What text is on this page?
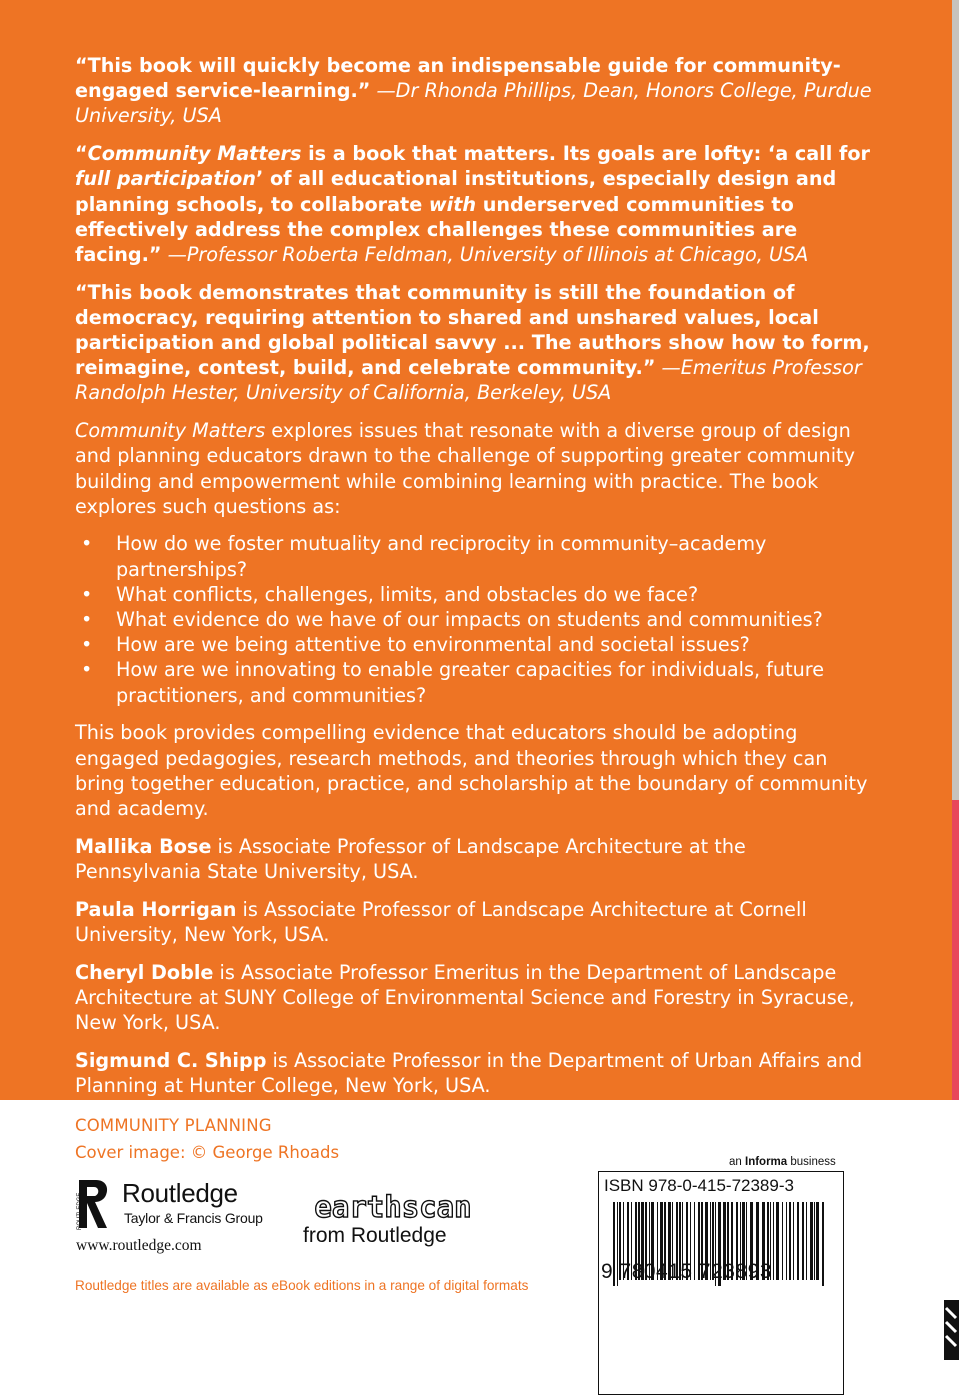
“This book will quickly become an indispensable guide for community-engaged service-learning.” —Dr Rhonda Phillips, Dean, Honors College, Purdue University, USA

“Community Matters is a book that matters. Its goals are lofty: ‘a call for full participation’ of all educational institutions, especially design and planning schools, to collaborate with underserved communities to effectively address the complex challenges these communities are facing.” —Professor Roberta Feldman, University of Illinois at Chicago, USA

“This book demonstrates that community is still the foundation of democracy, requiring attention to shared and unshared values, local participation and global political savvy ... The authors show how to form, reimagine, contest, build, and celebrate community.” —Emeritus Professor Randolph Hester, University of California, Berkeley, USA

Community Matters explores issues that resonate with a diverse group of design and planning educators drawn to the challenge of supporting greater community building and empowerment while combining learning with practice. The book explores such questions as:

• How do we foster mutuality and reciprocity in community–academy partnerships?
• What conflicts, challenges, limits, and obstacles do we face?
• What evidence do we have of our impacts on students and communities?
• How are we being attentive to environmental and societal issues?
• How are we innovating to enable greater capacities for individuals, future practitioners, and communities?

This book provides compelling evidence that educators should be adopting engaged pedagogies, research methods, and theories through which they can bring together education, practice, and scholarship at the boundary of community and academy.

Mallika Bose is Associate Professor of Landscape Architecture at the Pennsylvania State University, USA.

Paula Horrigan is Associate Professor of Landscape Architecture at Cornell University, New York, USA.

Cheryl Doble is Associate Professor Emeritus in the Department of Landscape Architecture at SUNY College of Environmental Science and Forestry in Syracuse, New York, USA.

Sigmund C. Shipp is Associate Professor in the Department of Urban Affairs and Planning at Hunter College, New York, USA.

COMMUNITY PLANNING
Cover image: © George Rhoads
ROUTLEDGE Routledge
Taylor & Francis Group
www.routledge.com
earthscan
from Routledge
Routledge titles are available as eBook editions in a range of digital formats
an Informa business
ISBN 978-0-415-72389-3
9 780415 723893
